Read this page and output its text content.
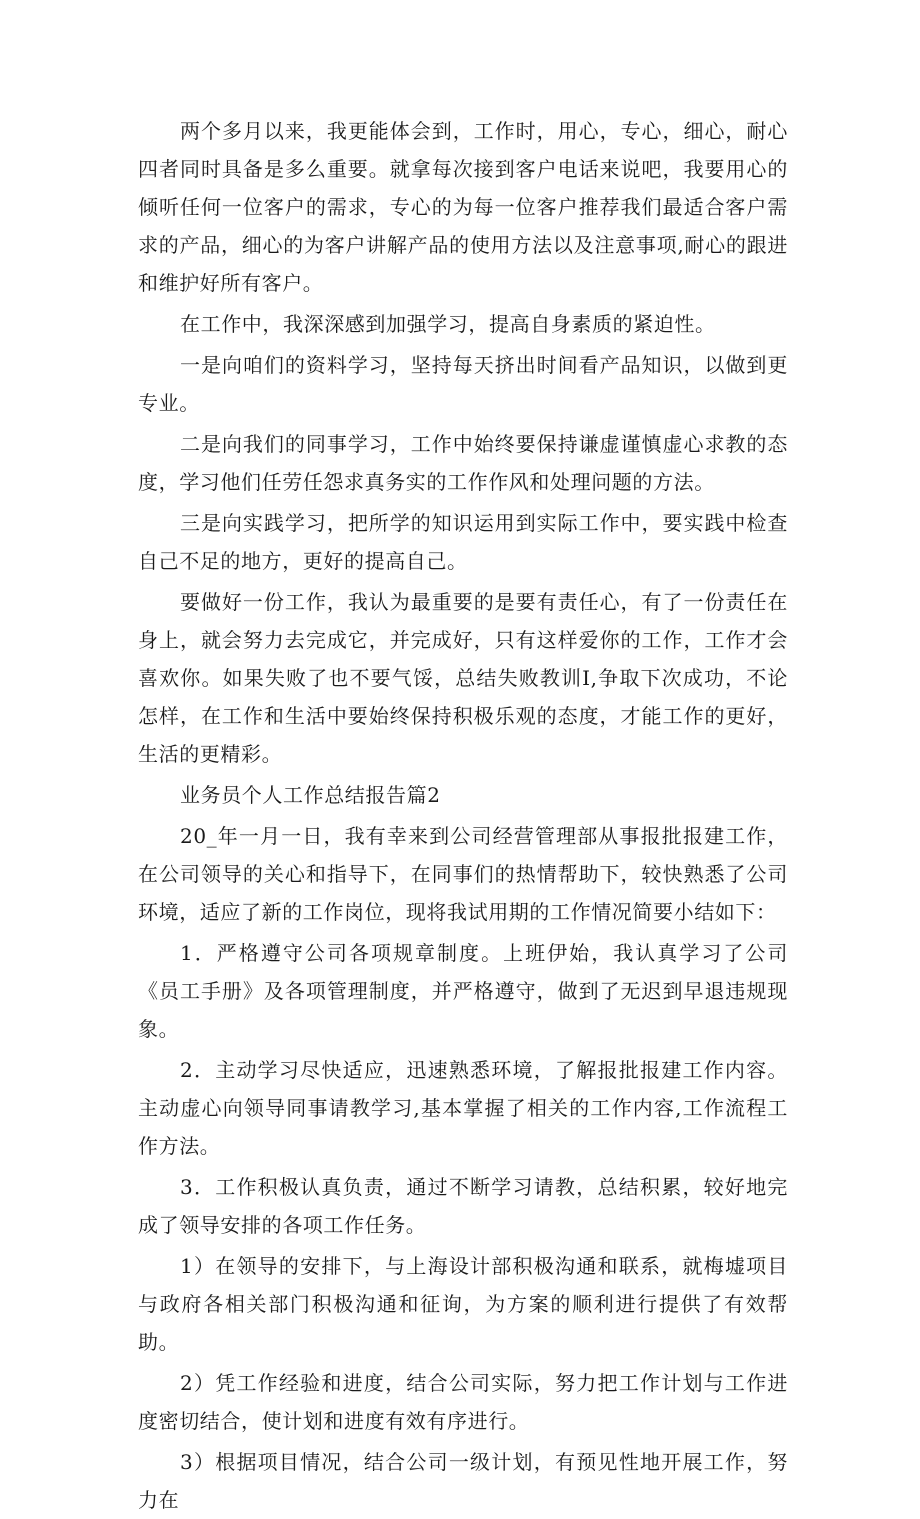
两个多月以来，我更能体会到，工作时，用心，专心，细心，耐心四者同时具备是多么重要。就拿每次接到客户电话来说吧，我要用心的倾听任何一位客户的需求，专心的为每一位客户推荐我们最适合客户需求的产品，细心的为客户讲解产品的使用方法以及注意事项,耐心的跟进和维护好所有客户。

在工作中，我深深感到加强学习，提高自身素质的紧迫性。

一是向咱们的资料学习，坚持每天挤出时间看产品知识，以做到更专业。

二是向我们的同事学习，工作中始终要保持谦虚谨慎虚心求教的态度，学习他们任劳任怨求真务实的工作作风和处理问题的方法。

三是向实践学习，把所学的知识运用到实际工作中，要实践中检查自己不足的地方，更好的提高自己。

要做好一份工作，我认为最重要的是要有责任心，有了一份责任在身上，就会努力去完成它，并完成好，只有这样爱你的工作，工作才会喜欢你。如果失败了也不要气馁，总结失败教训I,争取下次成功，不论怎样，在工作和生活中要始终保持积极乐观的态度，才能工作的更好，生活的更精彩。

业务员个人工作总结报告篇2

20_年一月一日，我有幸来到公司经营管理部从事报批报建工作，在公司领导的关心和指导下，在同事们的热情帮助下，较快熟悉了公司环境，适应了新的工作岗位，现将我试用期的工作情况简要小结如下：

1．严格遵守公司各项规章制度。上班伊始，我认真学习了公司《员工手册》及各项管理制度，并严格遵守，做到了无迟到早退违规现象。

2．主动学习尽快适应，迅速熟悉环境，了解报批报建工作内容。主动虚心向领导同事请教学习,基本掌握了相关的工作内容,工作流程工作方法。

3．工作积极认真负责，通过不断学习请教，总结积累，较好地完成了领导安排的各项工作任务。

1）在领导的安排下，与上海设计部积极沟通和联系，就梅墟项目与政府各相关部门积极沟通和征询，为方案的顺利进行提供了有效帮助。

2）凭工作经验和进度，结合公司实际，努力把工作计划与工作进度密切结合，使计划和进度有效有序进行。

3）根据项目情况，结合公司一级计划，有预见性地开展工作，努力在
